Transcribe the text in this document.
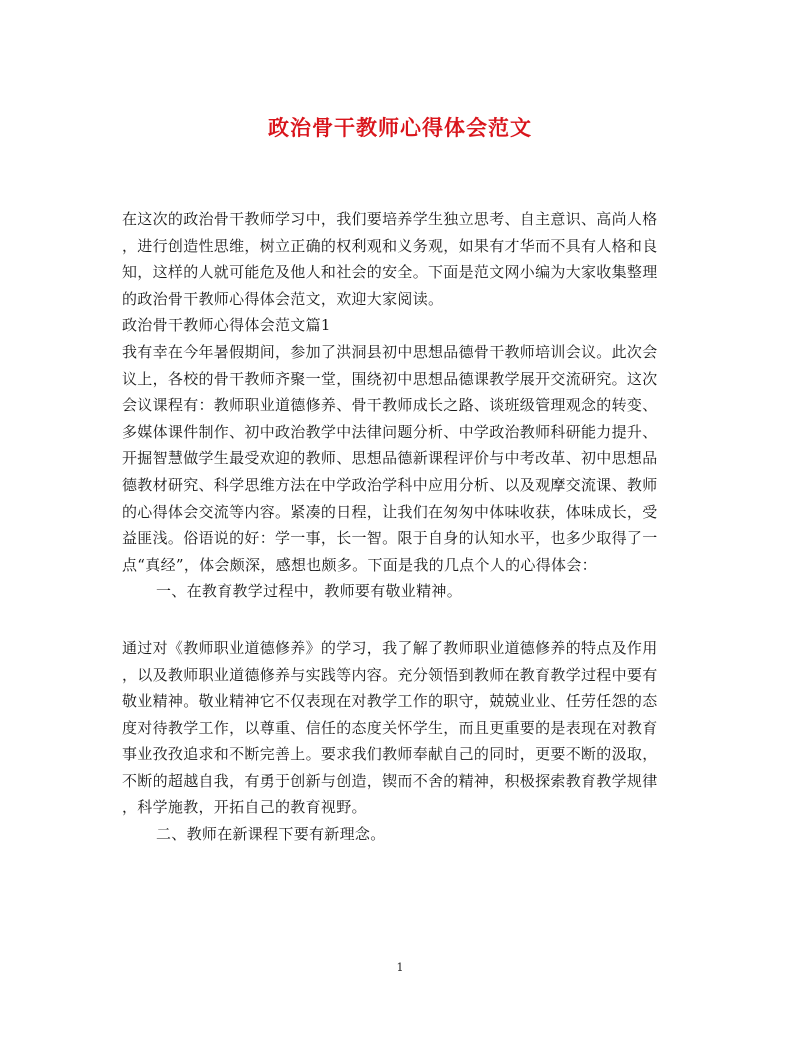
政治骨干教师心得体会范文
在这次的政治骨干教师学习中，我们要培养学生独立思考、自主意识、高尚人格
，进行创造性思维，树立正确的权利观和义务观，如果有才华而不具有人格和良
知，这样的人就可能危及他人和社会的安全。下面是范文网小编为大家收集整理
的政治骨干教师心得体会范文，欢迎大家阅读。
政治骨干教师心得体会范文篇1
我有幸在今年暑假期间，参加了洪洞县初中思想品德骨干教师培训会议。此次会
议上，各校的骨干教师齐聚一堂，围绕初中思想品德课教学展开交流研究。这次
会议课程有：教师职业道德修养、骨干教师成长之路、谈班级管理观念的转变、
多媒体课件制作、初中政治教学中法律问题分析、中学政治教师科研能力提升、
开掘智慧做学生最受欢迎的教师、思想品德新课程评价与中考改革、初中思想品
德教材研究、科学思维方法在中学政治学科中应用分析、以及观摩交流课、教师
的心得体会交流等内容。紧凑的日程，让我们在匆匆中体味收获，体味成长，受
益匪浅。俗语说的好：学一事，长一智。限于自身的认知水平，也多少取得了一
点“真经”，体会颇深，感想也颇多。下面是我的几点个人的心得体会：
一、在教育教学过程中，教师要有敬业精神。
通过对《教师职业道德修养》的学习，我了解了教师职业道德修养的特点及作用
，以及教师职业道德修养与实践等内容。充分领悟到教师在教育教学过程中要有
敬业精神。敬业精神它不仅表现在对教学工作的职守，兢兢业业、任劳任怨的态
度对待教学工作，以尊重、信任的态度关怀学生，而且更重要的是表现在对教育
事业孜孜追求和不断完善上。要求我们教师奉献自己的同时，更要不断的汲取，
不断的超越自我，有勇于创新与创造，锲而不舍的精神，积极探索教育教学规律
，科学施教，开拓自己的教育视野。
二、教师在新课程下要有新理念。
1
